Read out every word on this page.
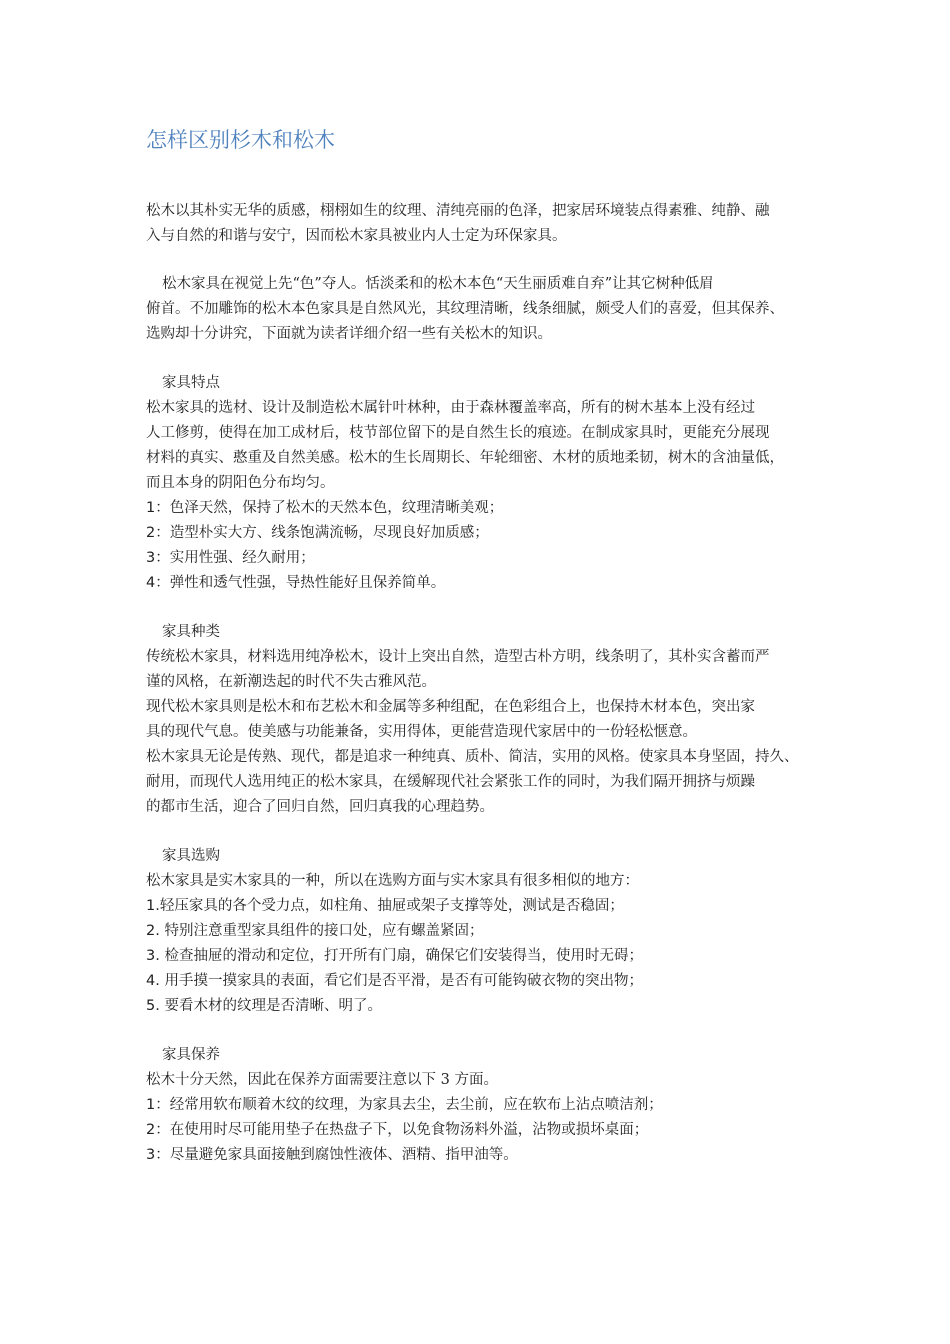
怎样区别杉木和松木
松木以其朴实无华的质感，栩栩如生的纹理、清纯亮丽的色泽，把家居环境装点得素雅、纯静、融
入与自然的和谐与安宁，因而松木家具被业内人士定为环保家具。
松木家具在视觉上先“色”夺人。恬淡柔和的松木本色“天生丽质难自弃”让其它树种低眉
俯首。不加雕饰的松木本色家具是自然风光，其纹理清晰，线条细腻，颇受人们的喜爱，但其保养、
选购却十分讲究，下面就为读者详细介绍一些有关松木的知识。
家具特点
松木家具的选材、设计及制造松木属针叶林种，由于森林覆盖率高，所有的树木基本上没有经过
人工修剪，使得在加工成材后，枝节部位留下的是自然生长的痕迹。在制成家具时，更能充分展现
材料的真实、憨重及自然美感。松木的生长周期长、年轮细密、木材的质地柔韧，树木的含油量低，
而且本身的阴阳色分布均匀。
1：色泽天然，保持了松木的天然本色，纹理清晰美观；
2：造型朴实大方、线条饱满流畅，尽现良好加质感；
3：实用性强、经久耐用；
4：弹性和透气性强，导热性能好且保养简单。
家具种类
传统松木家具，材料选用纯净松木，设计上突出自然，造型古朴方明，线条明了，其朴实含蓄而严
谨的风格，在新潮迭起的时代不失古雅风范。
现代松木家具则是松木和布艺松木和金属等多种组配，在色彩组合上，也保持木材本色，突出家
具的现代气息。使美感与功能兼备，实用得体，更能营造现代家居中的一份轻松惬意。
松木家具无论是传熟、现代，都是追求一种纯真、质朴、简洁，实用的风格。使家具本身坚固，持久、
耐用，而现代人选用纯正的松木家具，在缓解现代社会紧张工作的同时，为我们隔开拥挤与烦躁
的都市生活，迎合了回归自然，回归真我的心理趋势。
家具选购
松木家具是实木家具的一种，所以在选购方面与实木家具有很多相似的地方：
1.轻压家具的各个受力点，如柱角、抽屉或架子支撑等处，测试是否稳固；
2. 特别注意重型家具组件的接口处，应有螺盖紧固；
3. 检查抽屉的滑动和定位，打开所有门扇，确保它们安装得当，使用时无碍；
4. 用手摸一摸家具的表面，看它们是否平滑，是否有可能钩破衣物的突出物；
5. 要看木材的纹理是否清晰、明了。
家具保养
松木十分天然，因此在保养方面需要注意以下 3 方面。
1：经常用软布顺着木纹的纹理，为家具去尘，去尘前，应在软布上沾点喷洁剂；
2：在使用时尽可能用垫子在热盘子下，以免食物汤料外溢，沾物或损坏桌面；
3：尽量避免家具面接触到腐蚀性液体、酒精、指甲油等。
